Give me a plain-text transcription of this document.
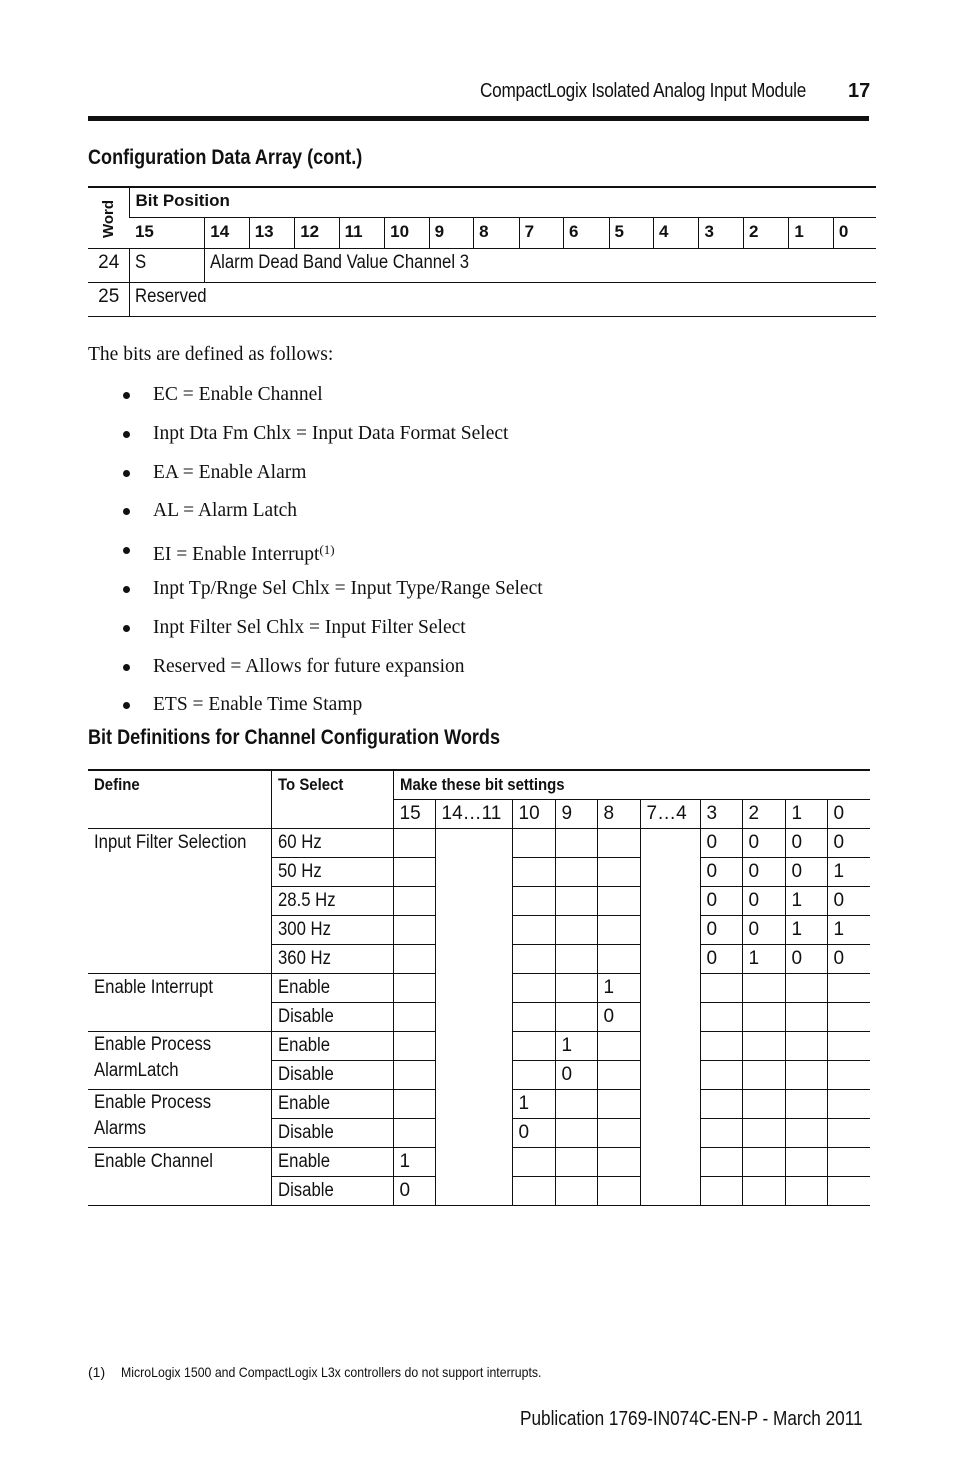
CompactLogix Isolated Analog Input Module 17
Configuration Data Array (cont.)
Word	Bit Position															
	15	14	13	12	11	10	9	8	7	6	5	4	3	2	1	0
24	S	Alarm Dead Band Value Channel 3														
25	Reserved															
The bits are defined as follows:
EC = Enable Channel
Inpt Dta Fm Chlx = Input Data Format Select
EA = Enable Alarm
AL = Alarm Latch
EI = Enable Interrupt$^{(1)}$
Inpt Tp/Rnge Sel Chlx = Input Type/Range Select
Inpt Filter Sel Chlx = Input Filter Select
Reserved = Allows for future expansion
ETS = Enable Time Stamp
Bit Definitions for Channel Configuration Words
Define	To Select	Make these bit settings									
		15	14…11	10	9	8	7…4	3	2	1	0
Input Filter Selection	60 Hz							0	0	0	0
	50 Hz							0	0	0	1
	28.5 Hz							0	0	1	0
	300 Hz							0	0	1	1
	360 Hz							0	1	0	0
Enable Interrupt	Enable					1					
	Disable					0					
Enable Process
AlarmLatch	Enable				1						
	Disable				0						
Enable Process
Alarms	Enable			1							
	Disable			0							
Enable Channel	Enable	1									
	Disable	0									
(1) MicroLogix 1500 and CompactLogix L3x controllers do not support interrupts.
Publication 1769-IN074C-EN-P - March 2011
